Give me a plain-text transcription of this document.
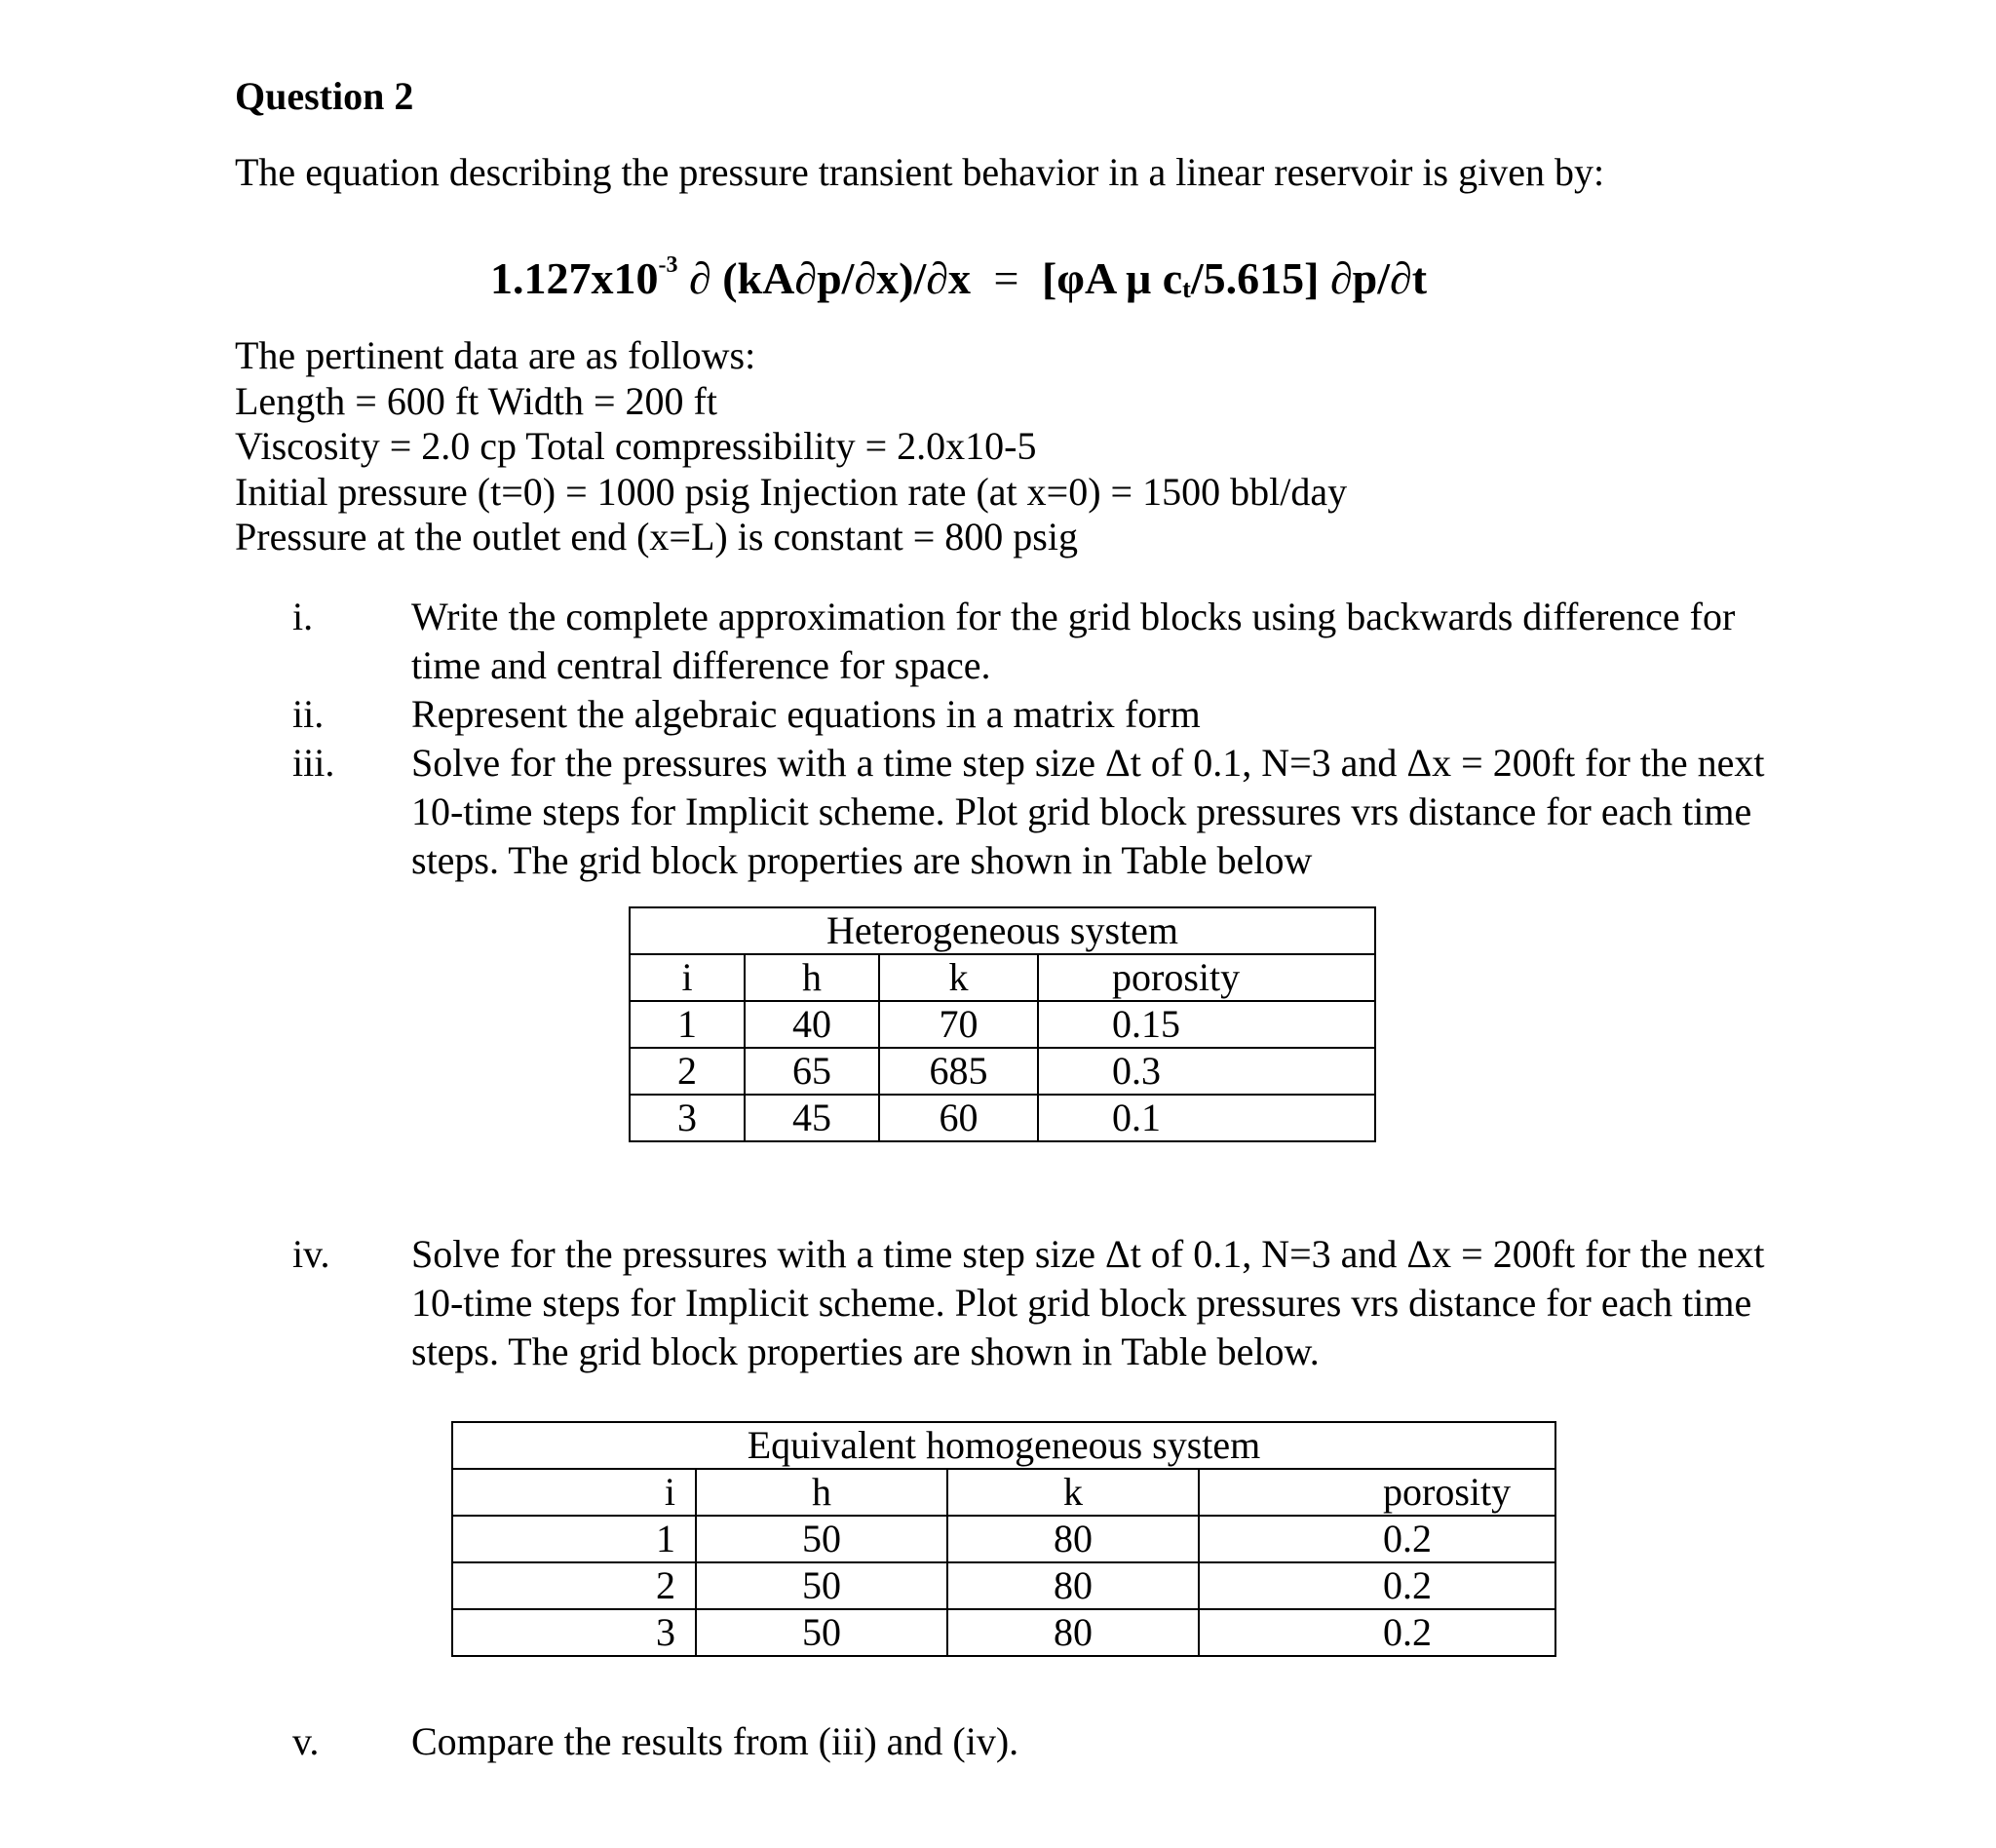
Question 2
The equation describing the pressure transient behavior in a linear reservoir is given by:
$1.127x10^{-3}$ ∂ (kA∂p/∂x)/∂x = [φA μ $c_t/5.615$] ∂p/∂t
The pertinent data are as follows:
Length = 600 ft Width = 200 ft
Viscosity = 2.0 cp Total compressibility = 2.0x10-5
Initial pressure (t=0) = 1000 psig Injection rate (at x=0) = 1500 bbl/day
Pressure at the outlet end (x=L) is constant = 800 psig
i.	Write the complete approximation for the grid blocks using backwards difference for time and central difference for space.
ii. Represent the algebraic equations in a matrix form
iii. Solve for the pressures with a time step size Δt of 0.1, N=3 and Δx = 200ft for the next 10-time steps for Implicit scheme. Plot grid block pressures vrs distance for each time steps. The grid block properties are shown in Table below
Heterogeneous system			
i	h	k	porosity
1	40	70	0.15
2	65	685	0.3
3	45	60	0.1
iv. Solve for the pressures with a time step size Δt of 0.1, N=3 and Δx = 200ft for the next 10-time steps for Implicit scheme. Plot grid block pressures vrs distance for each time steps. The grid block properties are shown in Table below.
Equivalent homogeneous system			
i	h	k	porosity
1	50	80	0.2
2	50	80	0.2
3	50	80	0.2
v. Compare the results from (iii) and (iv).
